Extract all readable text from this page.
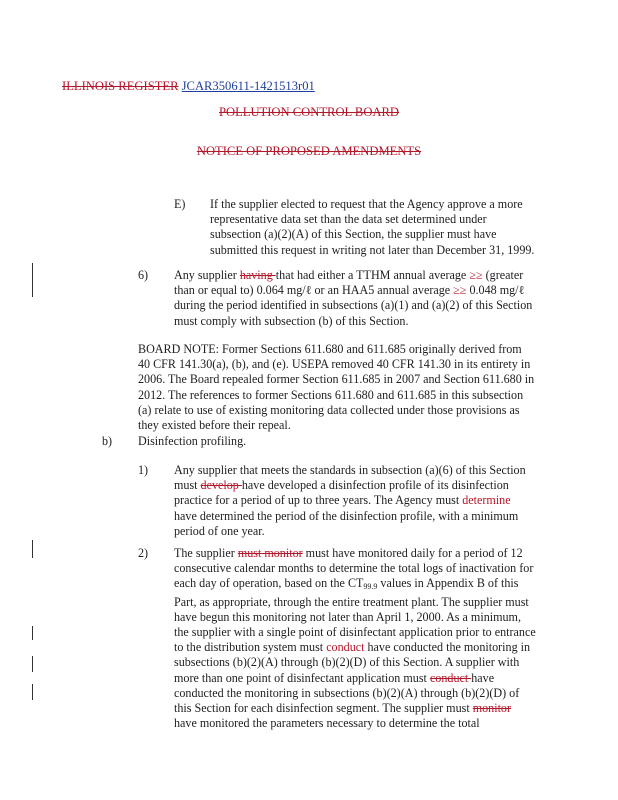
ILLINOIS REGISTER JCAR350611-1421513r01
POLLUTION CONTROL BOARD
NOTICE OF PROPOSED AMENDMENTS
E) If the supplier elected to request that the Agency approve a more representative data set than the data set determined under subsection (a)(2)(A) of this Section, the supplier must have submitted this request in writing not later than December 31, 1999.
6) Any supplier having that had either a TTHM annual average ≥≥ (greater than or equal to) 0.064 mg/ℓ or an HAA5 annual average ≥≥ 0.048 mg/ℓ during the period identified in subsections (a)(1) and (a)(2) of this Section must comply with subsection (b) of this Section.
BOARD NOTE: Former Sections 611.680 and 611.685 originally derived from 40 CFR 141.30(a), (b), and (e). USEPA removed 40 CFR 141.30 in its entirety in 2006. The Board repealed former Section 611.685 in 2007 and Section 611.680 in 2012. The references to former Sections 611.680 and 611.685 in this subsection (a) relate to use of existing monitoring data collected under those provisions as they existed before their repeal.
b) Disinfection profiling.
1) Any supplier that meets the standards in subsection (a)(6) of this Section must develop have developed a disinfection profile of its disinfection practice for a period of up to three years. The Agency must determine have determined the period of the disinfection profile, with a minimum period of one year.
2) The supplier must monitor must have monitored daily for a period of 12 consecutive calendar months to determine the total logs of inactivation for each day of operation, based on the $CT_{99.9}$ values in Appendix B of this Part, as appropriate, through the entire treatment plant. The supplier must have begun this monitoring not later than April 1, 2000. As a minimum, the supplier with a single point of disinfectant application prior to entrance to the distribution system must conduct have conducted the monitoring in subsections (b)(2)(A) through (b)(2)(D) of this Section. A supplier with more than one point of disinfectant application must conduct have conducted the monitoring in subsections (b)(2)(A) through (b)(2)(D) of this Section for each disinfection segment. The supplier must monitor have monitored the parameters necessary to determine the total
